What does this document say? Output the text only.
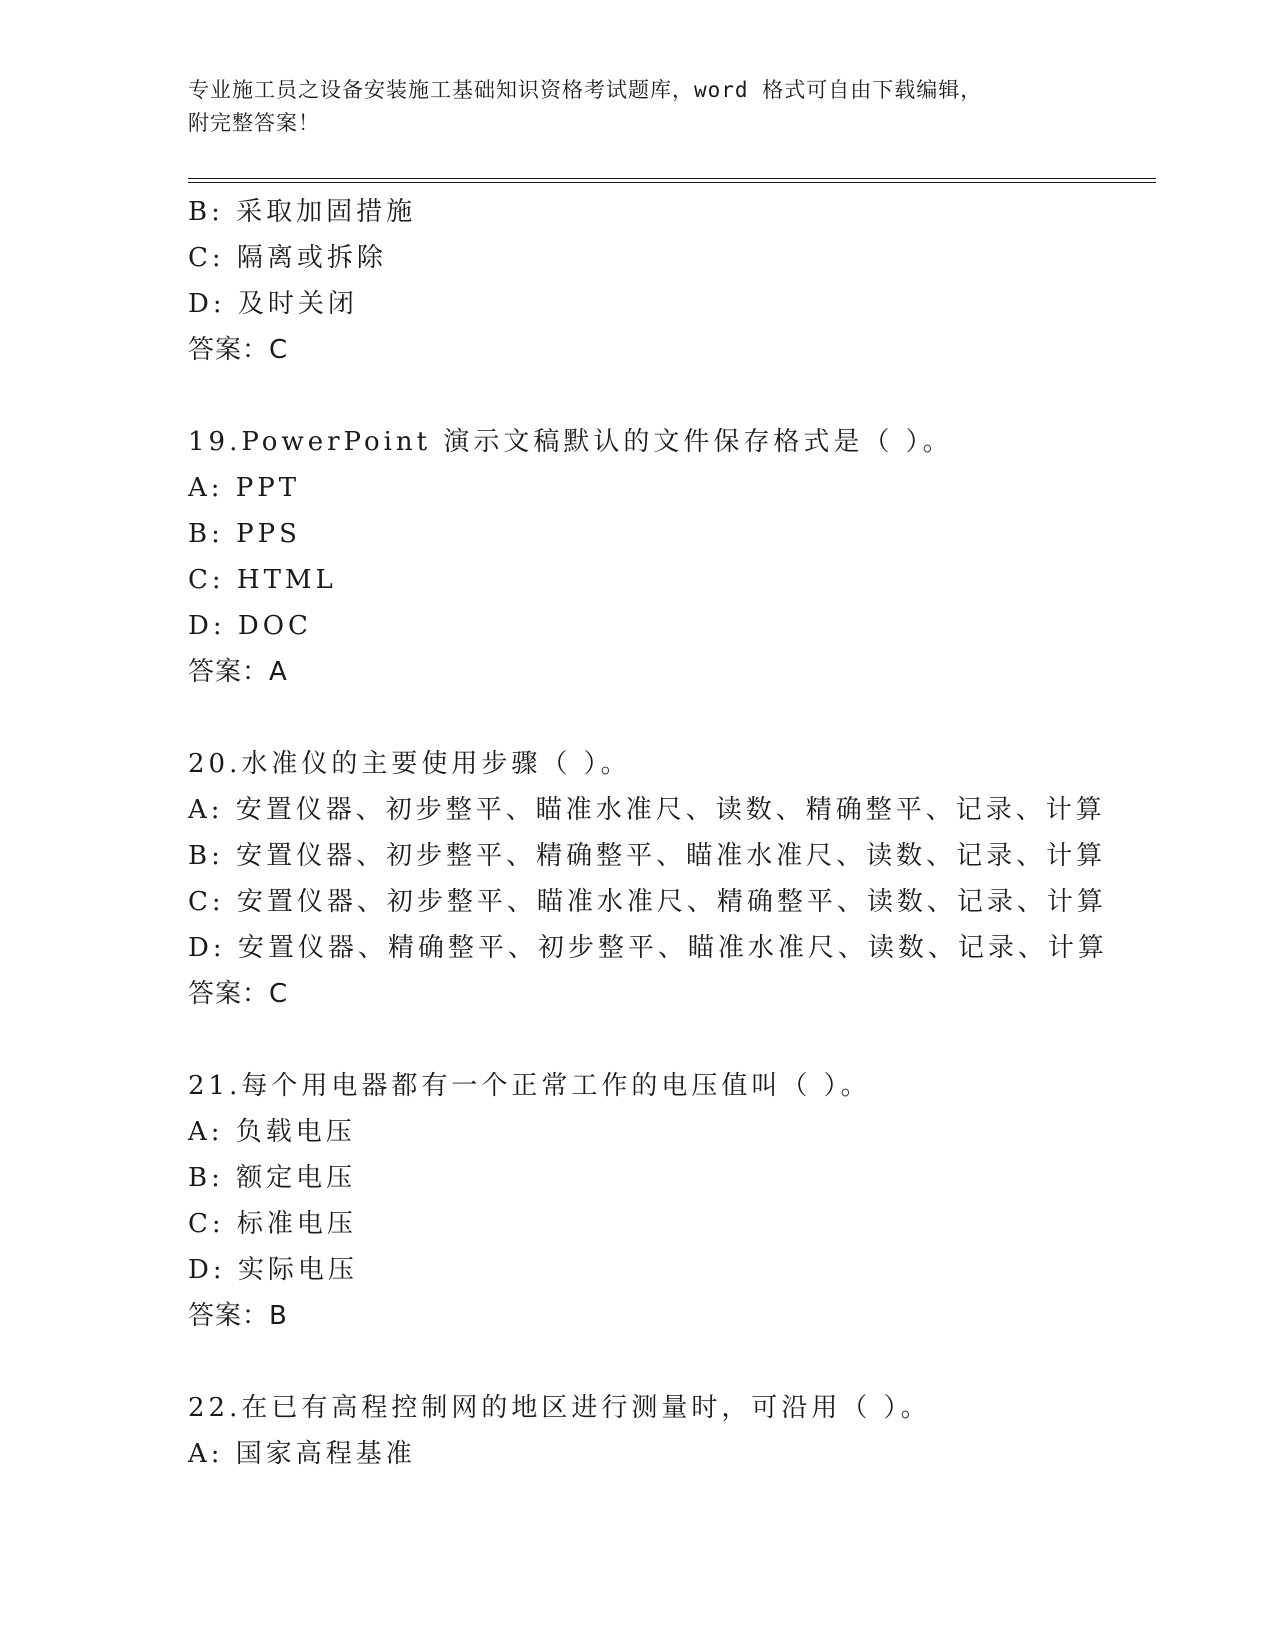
专业施工员之设备安装施工基础知识资格考试题库，word 格式可自由下载编辑，
附完整答案！
B: 采取加固措施
C: 隔离或拆除
D: 及时关闭
答案：C
19.PowerPoint 演示文稿默认的文件保存格式是（ ）。
A: PPT
B: PPS
C: HTML
D: DOC
答案：A
20.水准仪的主要使用步骤（ ）。
A: 安置仪器、初步整平、瞄准水准尺、读数、精确整平、记录、计算
B: 安置仪器、初步整平、精确整平、瞄准水准尺、读数、记录、计算
C: 安置仪器、初步整平、瞄准水准尺、精确整平、读数、记录、计算
D: 安置仪器、精确整平、初步整平、瞄准水准尺、读数、记录、计算
答案：C
21.每个用电器都有一个正常工作的电压值叫（ ）。
A: 负载电压
B: 额定电压
C: 标准电压
D: 实际电压
答案：B
22.在已有高程控制网的地区进行测量时，可沿用（ ）。
A: 国家高程基准
